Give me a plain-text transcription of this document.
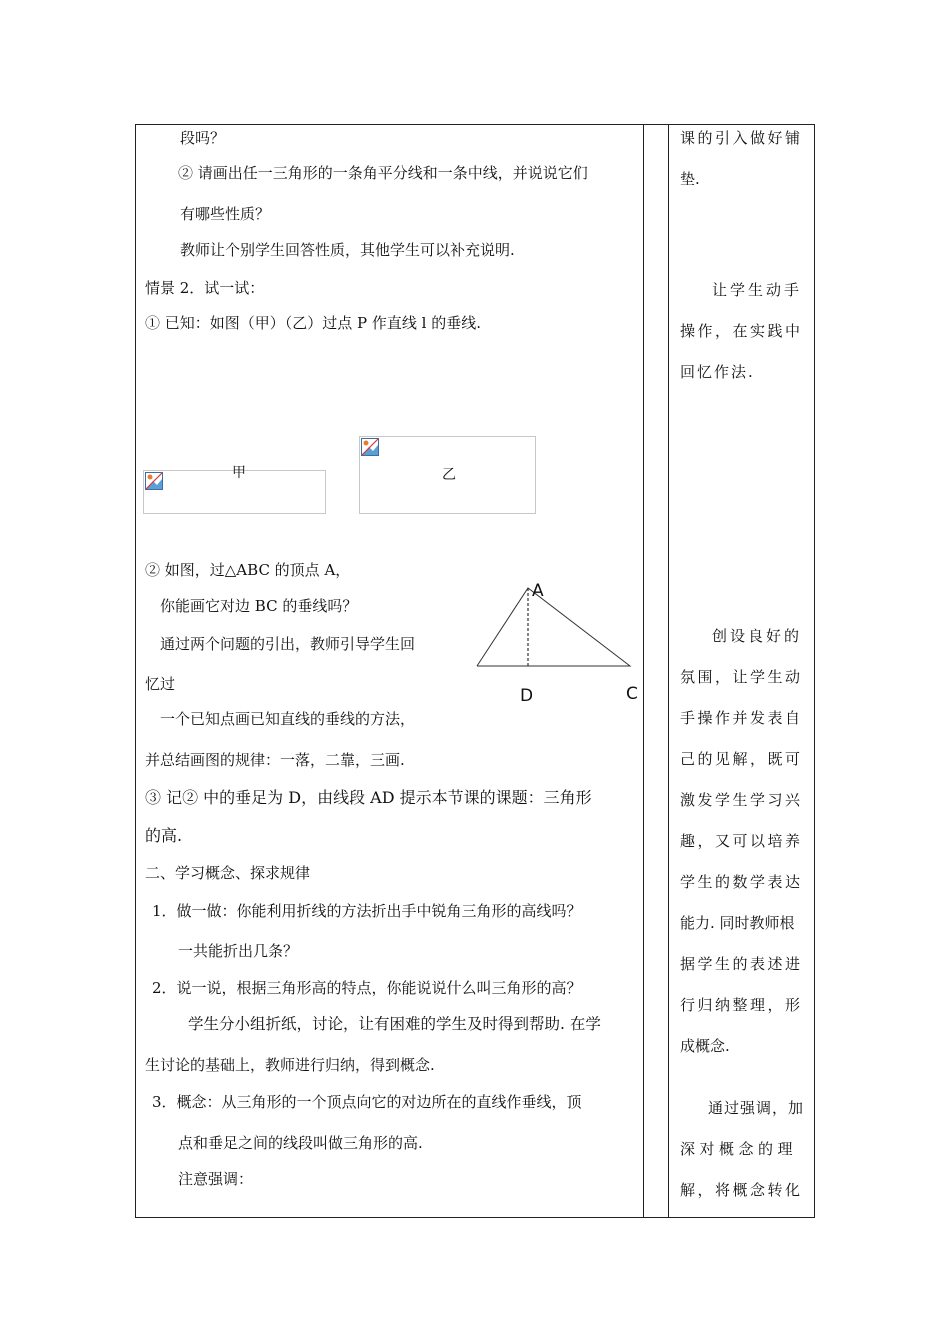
段吗？
② 请画出任一三角形的一条角平分线和一条中线，并说说它们
有哪些性质？
教师让个别学生回答性质，其他学生可以补充说明.
情景 2．试一试：
① 已知：如图（甲）（乙）过点 P 作直线 l 的垂线.
甲	乙
② 如图，过△ABC 的顶点 A，
你能画它对边 BC 的垂线吗？
通过两个问题的引出，教师引导学生回
忆过
A
D	C
一个已知点画已知直线的垂线的方法，
并总结画图的规律：一落，二靠，三画.
③ 记② 中的垂足为 D，由线段 AD 提示本节课的课题：三角形
的高.
二、学习概念、探求规律
1．做一做：你能利用折线的方法折出手中锐角三角形的高线吗？
一共能折出几条？
2．说一说，根据三角形高的特点，你能说说什么叫三角形的高？
学生分小组折纸，讨论，让有困难的学生及时得到帮助. 在学
生讨论的基础上，教师进行归纳，得到概念.
3．概念：从三角形的一个顶点向它的对边所在的直线作垂线，顶
点和垂足之间的线段叫做三角形的高.
注意强调：
课的引入做好铺
垫.
让学生动手
操作，在实践中
回忆作法.
创设良好的
氛围，让学生动
手操作并发表自
己的见解，既可
激发学生学习兴
趣，又可以培养
学生的数学表达
能力. 同时教师根
据学生的表述进
行归纳整理，形
成概念.
通过强调，加
深对概念的理
解，将概念转化
